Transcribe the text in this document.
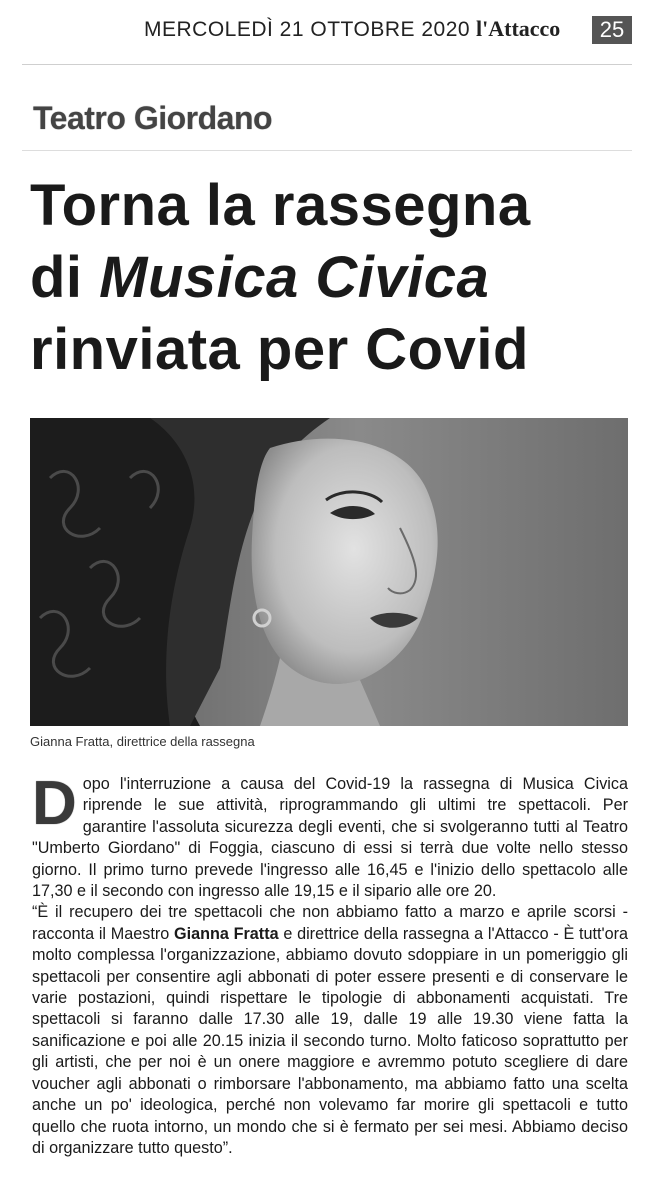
MERCOLEDÌ 21 OTTOBRE 2020 l'Attacco	25
Teatro Giordano
Torna la rassegna
di Musica Civica
rinviata per Covid
Gianna Fratta, direttrice della rassegna

Dopo l'interruzione a causa del Covid-19 la rassegna di Musica Civica riprende le sue attività, riprogrammando gli ultimi tre spettacoli. Per garantire l'assoluta sicurezza degli eventi, che si svolgeranno tutti al Teatro "Umberto Giordano" di Foggia, ciascuno di essi si terrà due volte nello stesso giorno. Il primo turno prevede l'ingresso alle 16,45 e l'inizio dello spettacolo alle 17,30 e il secondo con ingresso alle 19,15 e il sipario alle ore 20.

“È il recupero dei tre spettacoli che non abbiamo fatto a marzo e aprile scorsi - racconta il Maestro Gianna Fratta e direttrice della rassegna a l'Attacco - È tutt'ora molto complessa l'organizzazione, abbiamo dovuto sdoppiare in un pomeriggio gli spettacoli per consentire agli abbonati di poter essere presenti e di conservare le varie postazioni, quindi rispettare le tipologie di abbonamenti acquistati. Tre spettacoli si faranno dalle 17.30 alle 19, dalle 19 alle 19.30 viene fatta la sanificazione e poi alle 20.15 inizia il secondo turno. Molto faticoso soprattutto per gli artisti, che per noi è un onere maggiore e avremmo potuto scegliere di dare voucher agli abbonati o rimborsare l'abbonamento, ma abbiamo fatto una scelta anche un po' ideologica, perché non volevamo far morire gli spettacoli e tutto quello che ruota intorno, un mondo che si è fermato per sei mesi. Abbiamo deciso di organizzare tutto questo”.
